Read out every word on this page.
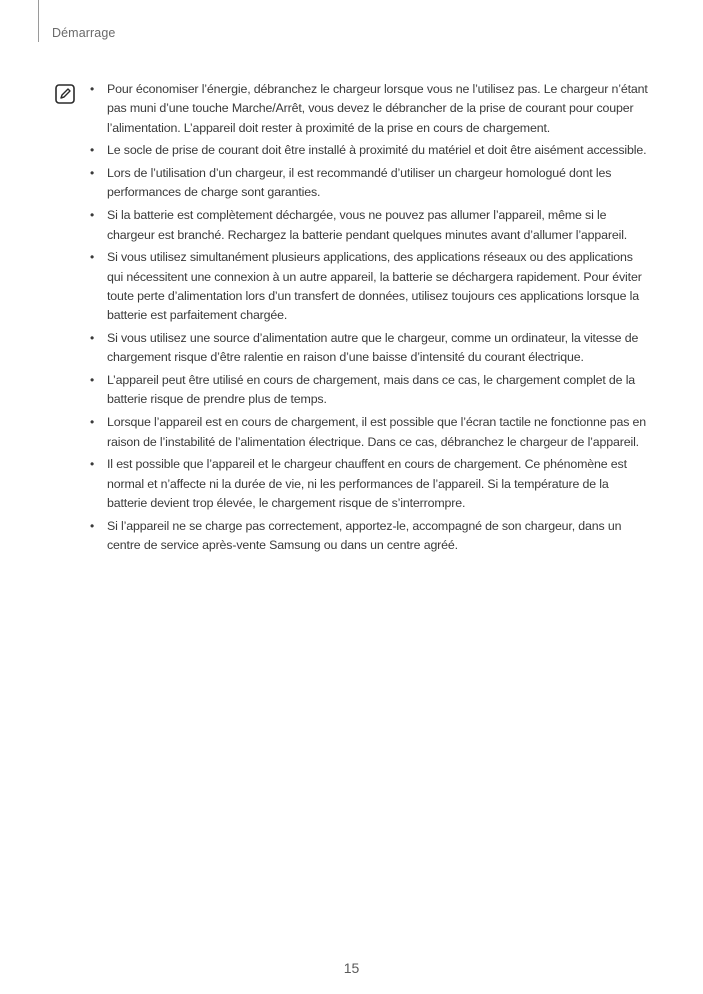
Démarrage
• Pour économiser l’énergie, débranchez le chargeur lorsque vous ne l’utilisez pas. Le chargeur n’étant pas muni d’une touche Marche/Arrêt, vous devez le débrancher de la prise de courant pour couper l’alimentation. L’appareil doit rester à proximité de la prise en cours de chargement.
• Le socle de prise de courant doit être installé à proximité du matériel et doit être aisément accessible.
• Lors de l’utilisation d’un chargeur, il est recommandé d’utiliser un chargeur homologué dont les performances de charge sont garanties.
• Si la batterie est complètement déchargée, vous ne pouvez pas allumer l’appareil, même si le chargeur est branché. Rechargez la batterie pendant quelques minutes avant d’allumer l’appareil.
• Si vous utilisez simultanément plusieurs applications, des applications réseaux ou des applications qui nécessitent une connexion à un autre appareil, la batterie se déchargera rapidement. Pour éviter toute perte d’alimentation lors d’un transfert de données, utilisez toujours ces applications lorsque la batterie est parfaitement chargée.
• Si vous utilisez une source d’alimentation autre que le chargeur, comme un ordinateur, la vitesse de chargement risque d’être ralentie en raison d’une baisse d’intensité du courant électrique.
• L’appareil peut être utilisé en cours de chargement, mais dans ce cas, le chargement complet de la batterie risque de prendre plus de temps.
• Lorsque l’appareil est en cours de chargement, il est possible que l’écran tactile ne fonctionne pas en raison de l’instabilité de l’alimentation électrique. Dans ce cas, débranchez le chargeur de l’appareil.
• Il est possible que l’appareil et le chargeur chauffent en cours de chargement. Ce phénomène est normal et n’affecte ni la durée de vie, ni les performances de l’appareil. Si la température de la batterie devient trop élevée, le chargement risque de s’interrompre.
• Si l’appareil ne se charge pas correctement, apportez-le, accompagné de son chargeur, dans un centre de service après-vente Samsung ou dans un centre agréé.
15
